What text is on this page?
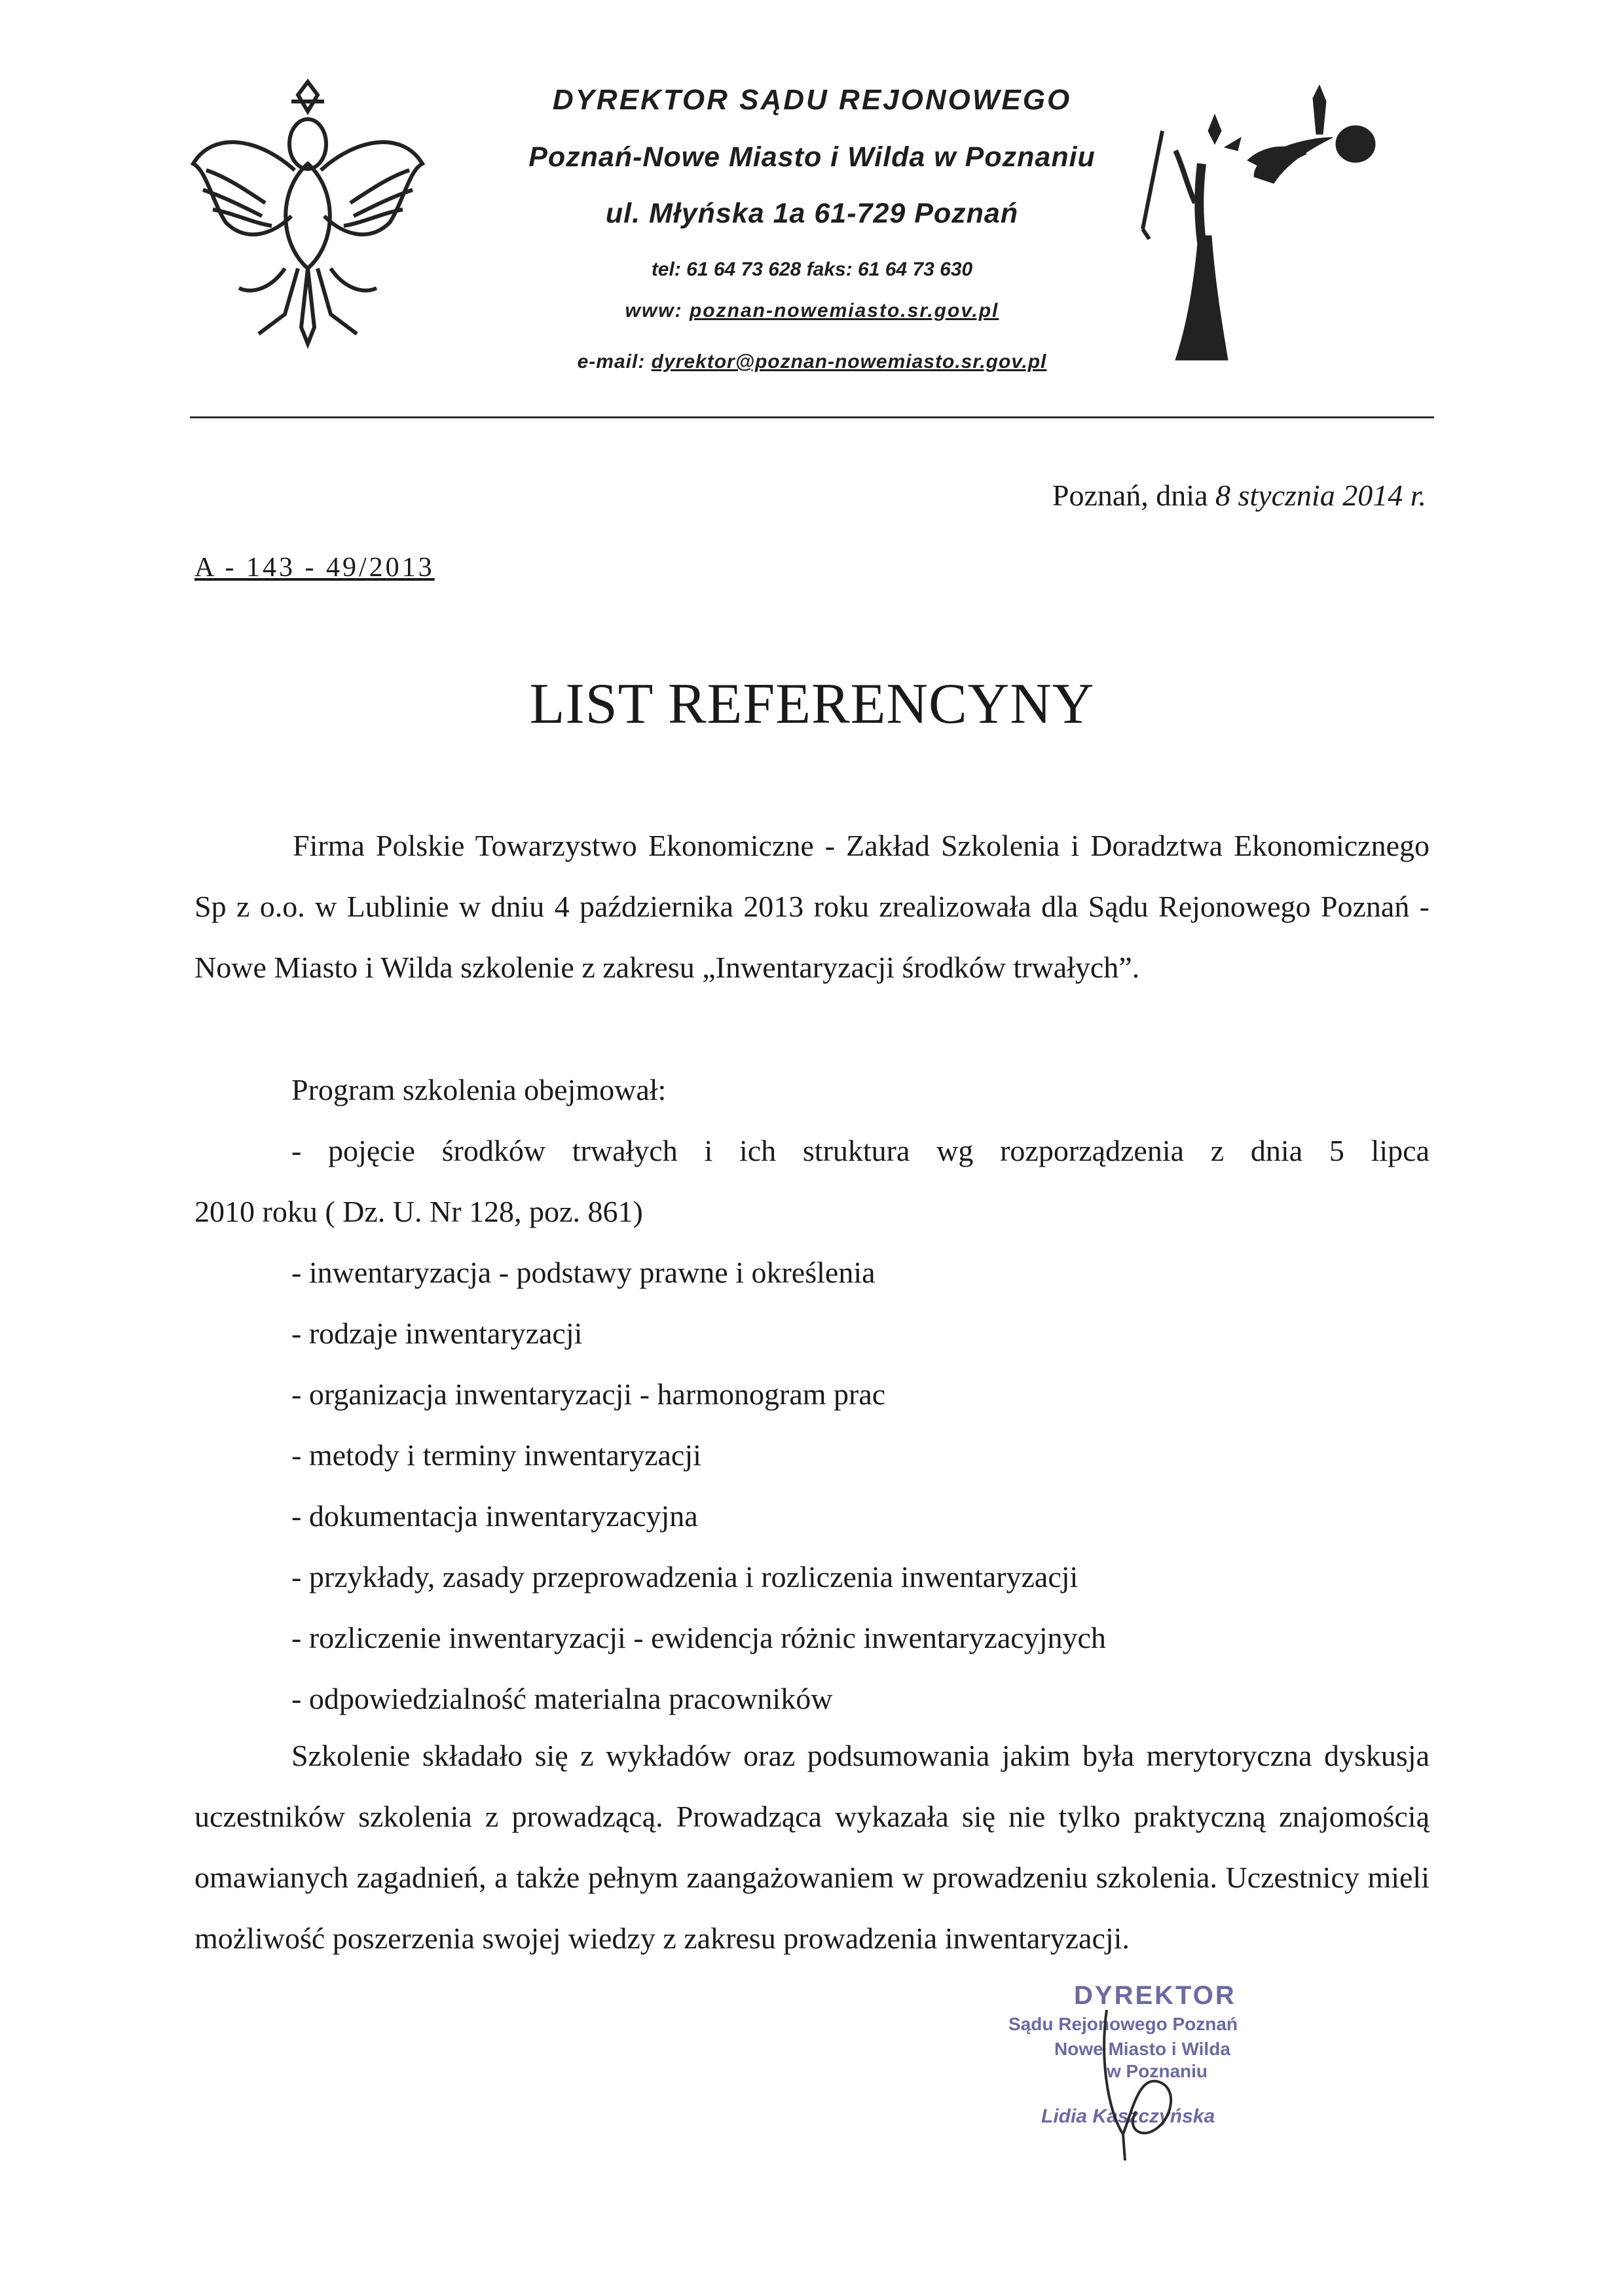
DYREKTOR SĄDU REJONOWEGO
Poznań-Nowe Miasto i Wilda w Poznaniu
ul. Młyńska 1a 61-729 Poznań
tel: 61 64 73 628 faks: 61 64 73 630
www: poznan-nowemiasto.sr.gov.pl
e-mail: dyrektor@poznan-nowemiasto.sr.gov.pl
Poznań, dnia 8 stycznia 2014 r.
A - 143 - 49/2013
LIST REFERENCYNY

Firma Polskie Towarzystwo Ekonomiczne - Zakład Szkolenia i Doradztwa Ekonomicznego Sp z o.o. w Lublinie w dniu 4 października 2013 roku zrealizowała dla Sądu Rejonowego Poznań - Nowe Miasto i Wilda szkolenie z zakresu „Inwentaryzacji środków trwałych”.

Program szkolenia obejmował:
- pojęcie środków trwałych i ich struktura wg rozporządzenia z dnia 5 lipca
2010 roku ( Dz. U. Nr 128, poz. 861)
- inwentaryzacja - podstawy prawne i określenia
- rodzaje inwentaryzacji
- organizacja inwentaryzacji - harmonogram prac
- metody i terminy inwentaryzacji
- dokumentacja inwentaryzacyjna
- przykłady, zasady przeprowadzenia i rozliczenia inwentaryzacji
- rozliczenie inwentaryzacji - ewidencja różnic inwentaryzacyjnych
- odpowiedzialność materialna pracowników

Szkolenie składało się z wykładów oraz podsumowania jakim była merytoryczna dyskusja uczestników szkolenia z prowadzącą. Prowadząca wykazała się nie tylko praktyczną znajomością omawianych zagadnień, a także pełnym zaangażowaniem w prowadzeniu szkolenia. Uczestnicy mieli możliwość poszerzenia swojej wiedzy z zakresu prowadzenia inwentaryzacji.

DYREKTOR
Sądu Rejonowego Poznań
Nowe Miasto i Wilda
w Poznaniu
Lidia Kaszczyńska
